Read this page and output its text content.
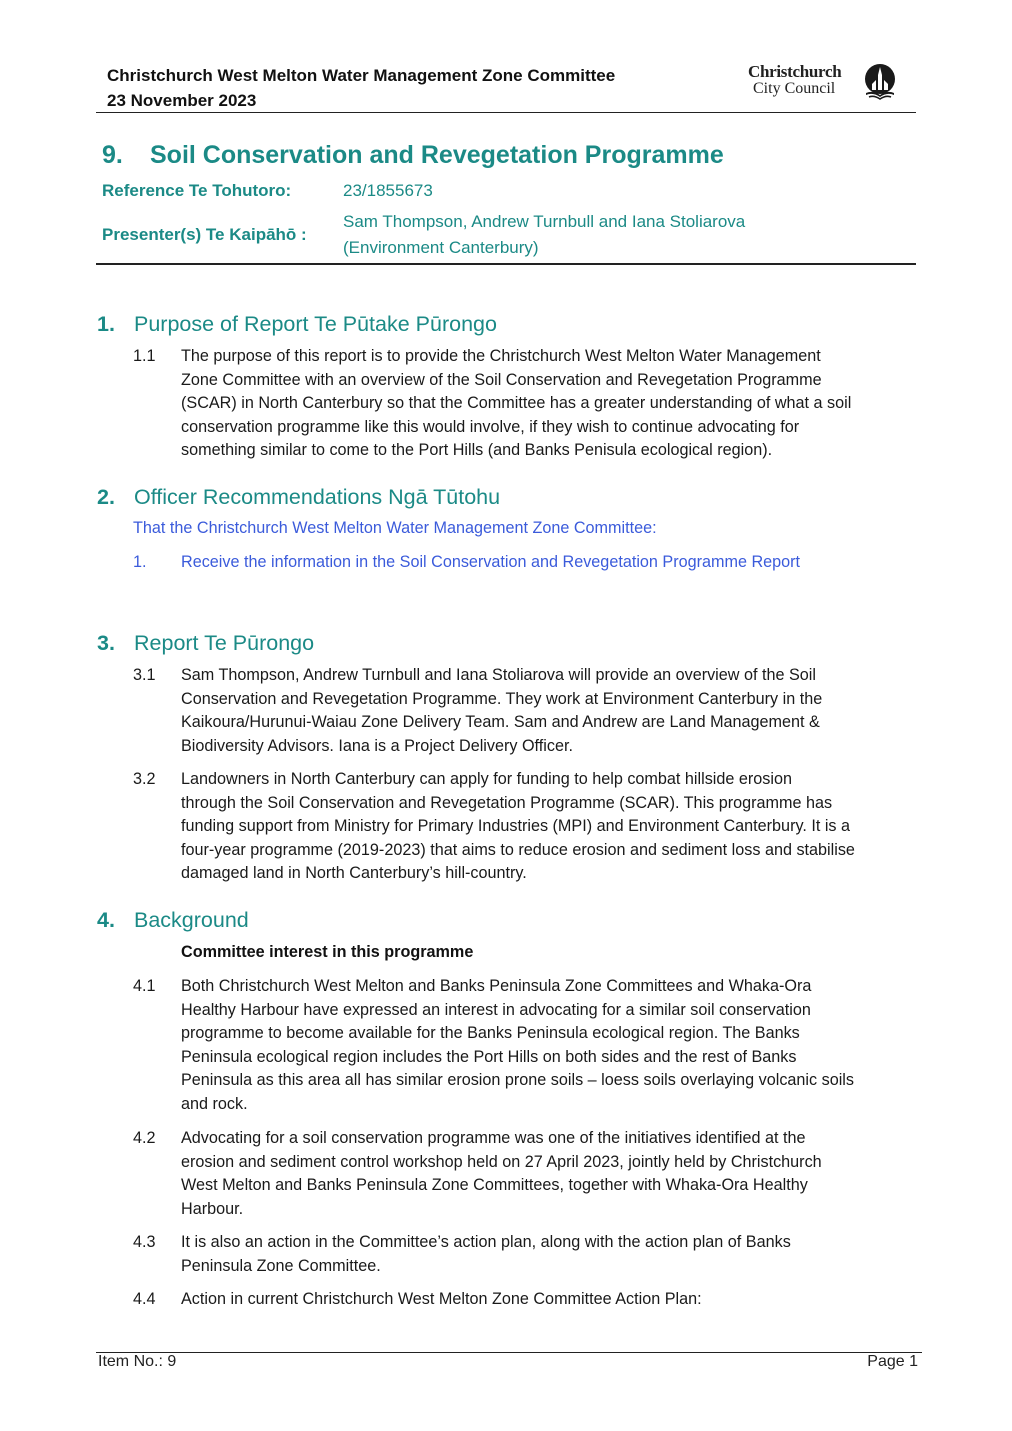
Christchurch West Melton Water Management Zone Committee
23 November 2023
Christchurch
City Council
9. Soil Conservation and Revegetation Programme
Reference Te Tohutoro:	23/1855673
Presenter(s) Te Kaipāhō :
Sam Thompson, Andrew Turnbull and Iana Stoliarova
(Environment Canterbury)
1. Purpose of Report Te Pūtake Pūrongo
1.1 The purpose of this report is to provide the Christchurch West Melton Water Management
Zone Committee with an overview of the Soil Conservation and Revegetation Programme
(SCAR) in North Canterbury so that the Committee has a greater understanding of what a soil
conservation programme like this would involve, if they wish to continue advocating for
something similar to come to the Port Hills (and Banks Penisula ecological region).
2. Officer Recommendations Ngā Tūtohu
That the Christchurch West Melton Water Management Zone Committee:
1. Receive the information in the Soil Conservation and Revegetation Programme Report
3. Report Te Pūrongo
3.1 Sam Thompson, Andrew Turnbull and Iana Stoliarova will provide an overview of the Soil
Conservation and Revegetation Programme. They work at Environment Canterbury in the
Kaikoura/Hurunui-Waiau Zone Delivery Team. Sam and Andrew are Land Management &
Biodiversity Advisors. Iana is a Project Delivery Officer.
3.2 Landowners in North Canterbury can apply for funding to help combat hillside erosion
through the Soil Conservation and Revegetation Programme (SCAR). This programme has
funding support from Ministry for Primary Industries (MPI) and Environment Canterbury. It is a
four-year programme (2019-2023) that aims to reduce erosion and sediment loss and stabilise
damaged land in North Canterbury’s hill-country.
4. Background
Committee interest in this programme
4.1 Both Christchurch West Melton and Banks Peninsula Zone Committees and Whaka-Ora
Healthy Harbour have expressed an interest in advocating for a similar soil conservation
programme to become available for the Banks Peninsula ecological region. The Banks
Peninsula ecological region includes the Port Hills on both sides and the rest of Banks
Peninsula as this area all has similar erosion prone soils – loess soils overlaying volcanic soils
and rock.
4.2 Advocating for a soil conservation programme was one of the initiatives identified at the
erosion and sediment control workshop held on 27 April 2023, jointly held by Christchurch
West Melton and Banks Peninsula Zone Committees, together with Whaka-Ora Healthy
Harbour.
4.3 It is also an action in the Committee’s action plan, along with the action plan of Banks
Peninsula Zone Committee.
4.4 Action in current Christchurch West Melton Zone Committee Action Plan:
Item No.: 9	Page 1
